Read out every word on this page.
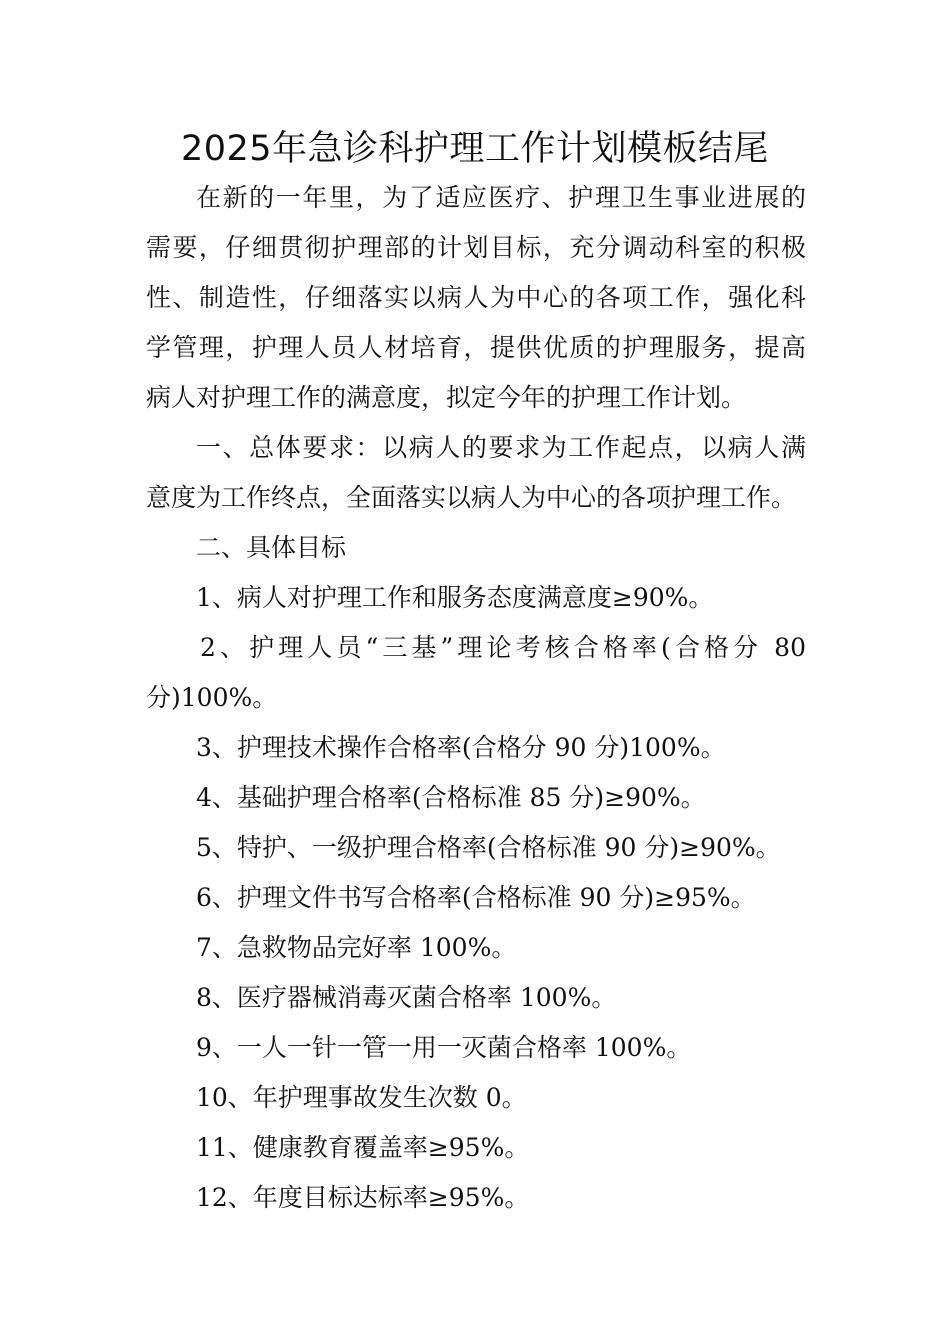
2025年急诊科护理工作计划模板结尾

在新的一年里，为了适应医疗、护理卫生事业进展的

需要，仔细贯彻护理部的计划目标，充分调动科室的积极

性、制造性，仔细落实以病人为中心的各项工作，强化科

学管理，护理人员人材培育，提供优质的护理服务，提高

病人对护理工作的满意度，拟定今年的护理工作计划。

一、总体要求：以病人的要求为工作起点，以病人满

意度为工作终点，全面落实以病人为中心的各项护理工作。

二、具体目标

1、病人对护理工作和服务态度满意度≥90%。

2、护理人员“三基”理论考核合格率(合格分 80

分)100%。

3、护理技术操作合格率(合格分 90 分)100%。

4、基础护理合格率(合格标准 85 分)≥90%。

5、特护、一级护理合格率(合格标准 90 分)≥90%。

6、护理文件书写合格率(合格标准 90 分)≥95%。

7、急救物品完好率 100%。

8、医疗器械消毒灭菌合格率 100%。

9、一人一针一管一用一灭菌合格率 100%。

10、年护理事故发生次数 0。

11、健康教育覆盖率≥95%。

12、年度目标达标率≥95%。
